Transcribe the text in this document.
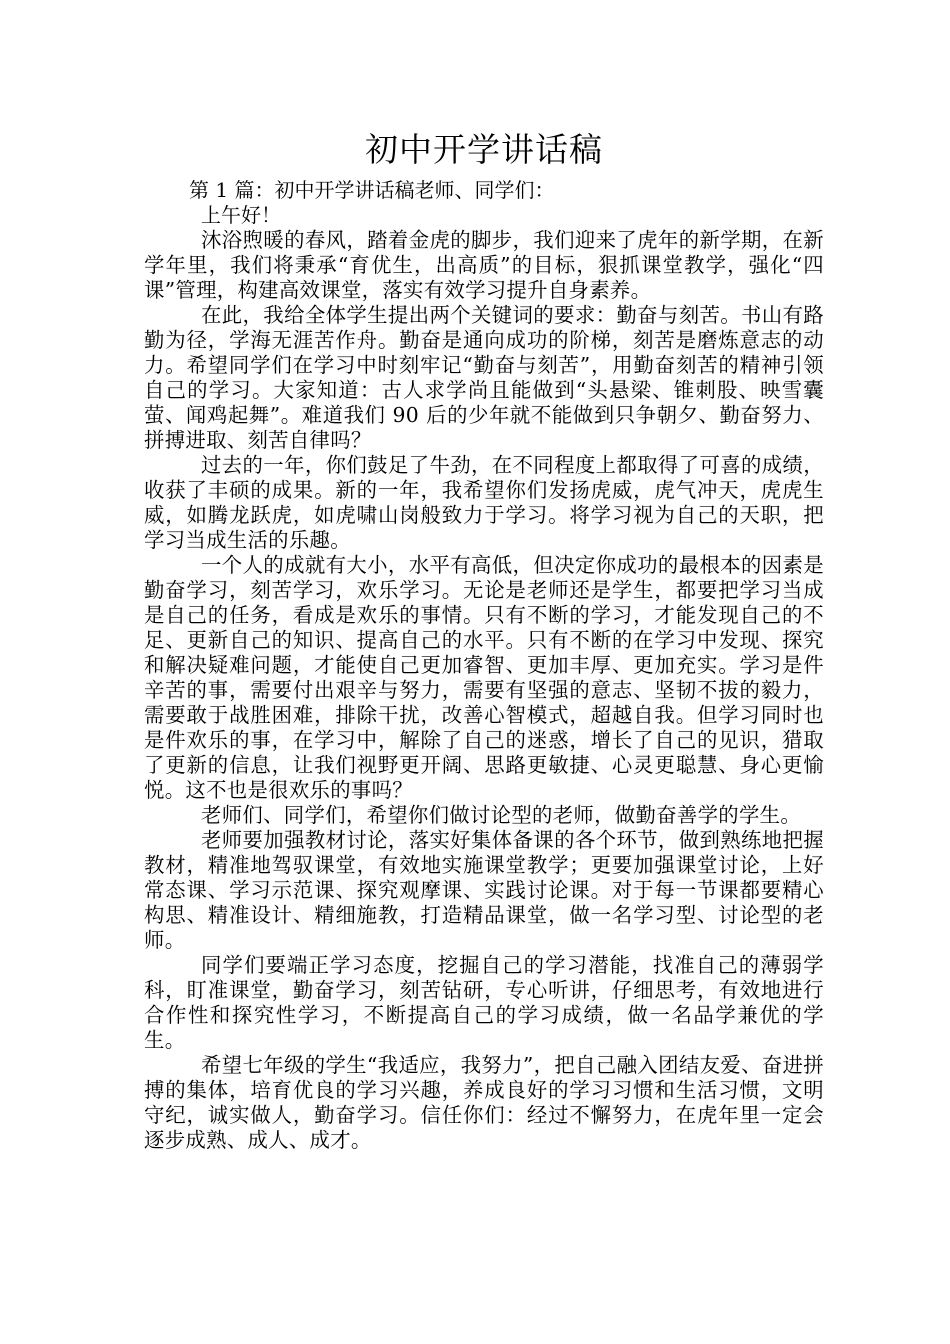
初中开学讲话稿

第 1 篇：初中开学讲话稿老师、同学们：

上午好！

沐浴煦暖的春风，踏着金虎的脚步，我们迎来了虎年的新学期，在新学年里，我们将秉承“育优生，出高质”的目标，狠抓课堂教学，强化“四课”管理，构建高效课堂，落实有效学习提升自身素养。

在此，我给全体学生提出两个关键词的要求：勤奋与刻苦。书山有路勤为径，学海无涯苦作舟。勤奋是通向成功的阶梯，刻苦是磨炼意志的动力。希望同学们在学习中时刻牢记“勤奋与刻苦”，用勤奋刻苦的精神引领自己的学习。大家知道：古人求学尚且能做到“头悬梁、锥刺股、映雪囊萤、闻鸡起舞”。难道我们 90 后的少年就不能做到只争朝夕、勤奋努力、拼搏进取、刻苦自律吗？

过去的一年，你们鼓足了牛劲，在不同程度上都取得了可喜的成绩，收获了丰硕的成果。新的一年，我希望你们发扬虎威，虎气冲天，虎虎生威，如腾龙跃虎，如虎啸山岗般致力于学习。将学习视为自己的天职，把学习当成生活的乐趣。

一个人的成就有大小，水平有高低，但决定你成功的最根本的因素是勤奋学习，刻苦学习，欢乐学习。无论是老师还是学生，都要把学习当成是自己的任务，看成是欢乐的事情。只有不断的学习，才能发现自己的不足、更新自己的知识、提高自己的水平。只有不断的在学习中发现、探究和解决疑难问题，才能使自己更加睿智、更加丰厚、更加充实。学习是件辛苦的事，需要付出艰辛与努力，需要有坚强的意志、坚韧不拔的毅力，需要敢于战胜困难，排除干扰，改善心智模式，超越自我。但学习同时也是件欢乐的事，在学习中，解除了自己的迷惑，增长了自己的见识，猎取了更新的信息，让我们视野更开阔、思路更敏捷、心灵更聪慧、身心更愉悦。这不也是很欢乐的事吗？

老师们、同学们，希望你们做讨论型的老师，做勤奋善学的学生。

老师要加强教材讨论，落实好集体备课的各个环节，做到熟练地把握教材，精准地驾驭课堂，有效地实施课堂教学；更要加强课堂讨论，上好常态课、学习示范课、探究观摩课、实践讨论课。对于每一节课都要精心构思、精准设计、精细施教，打造精品课堂，做一名学习型、讨论型的老师。

同学们要端正学习态度，挖掘自己的学习潜能，找准自己的薄弱学科，盯准课堂，勤奋学习，刻苦钻研，专心听讲，仔细思考，有效地进行合作性和探究性学习，不断提高自己的学习成绩，做一名品学兼优的学生。

希望七年级的学生“我适应，我努力”，把自己融入团结友爱、奋进拼搏的集体，培育优良的学习兴趣，养成良好的学习习惯和生活习惯，文明守纪，诚实做人，勤奋学习。信任你们：经过不懈努力，在虎年里一定会逐步成熟、成人、成才。
